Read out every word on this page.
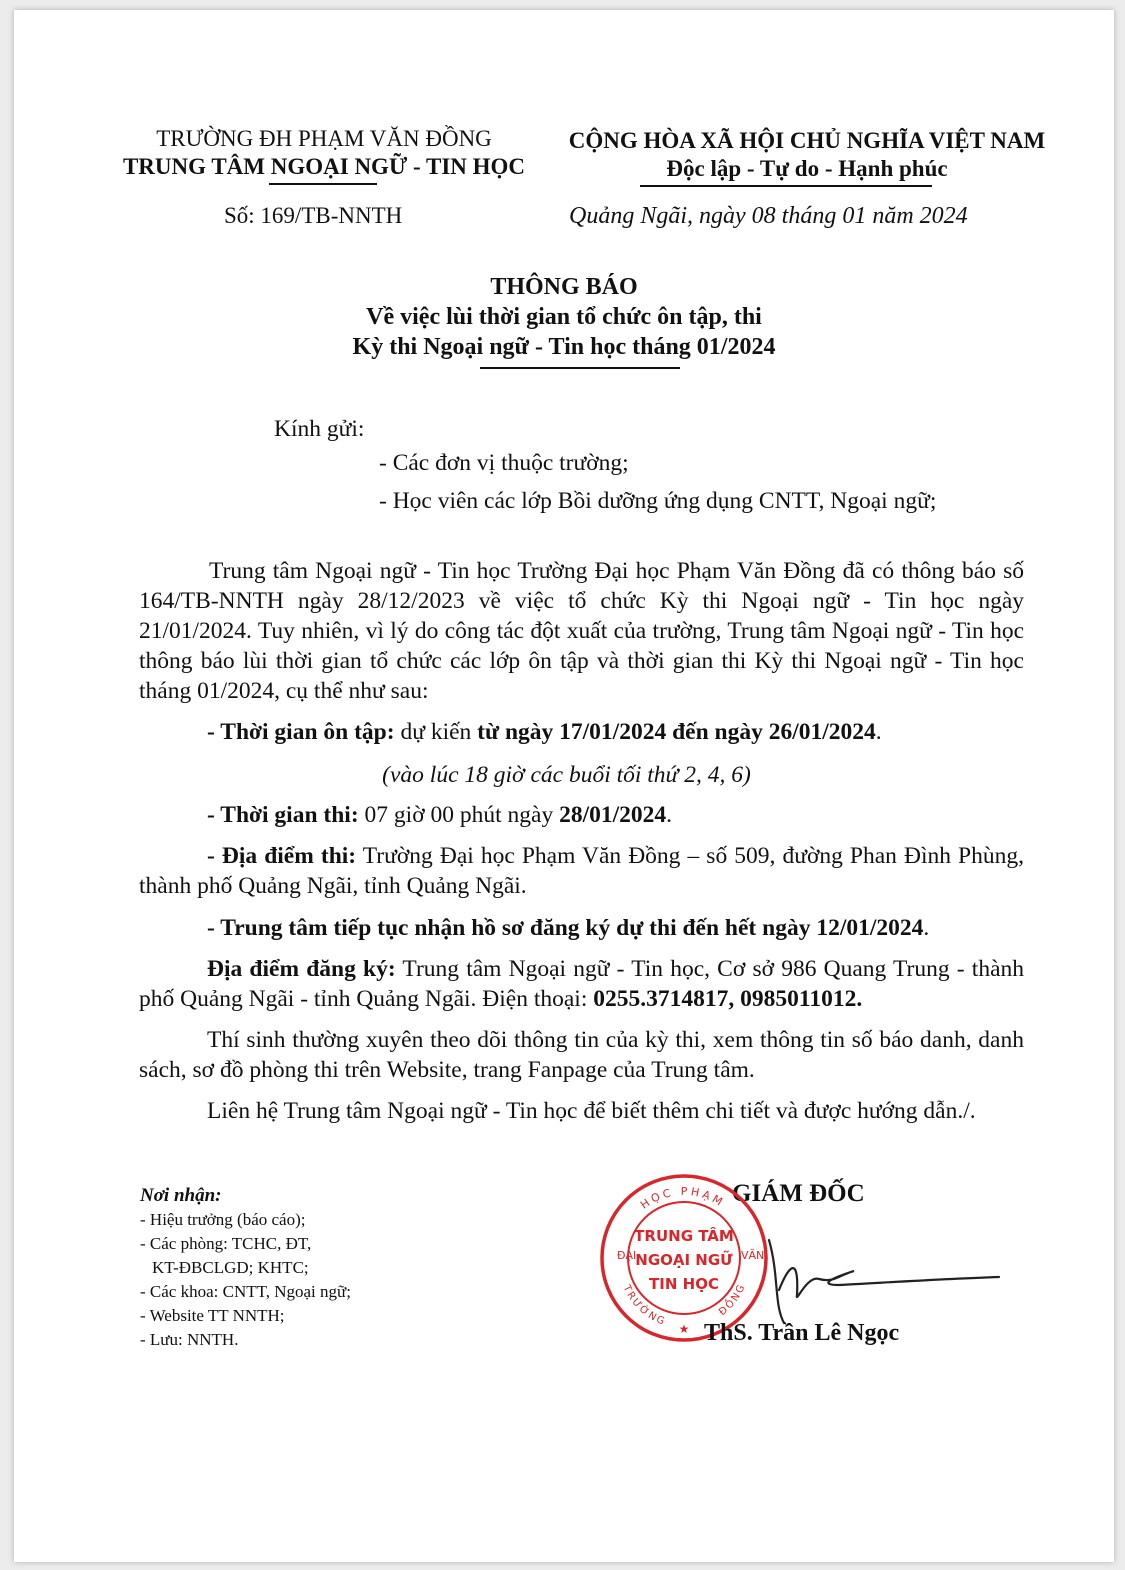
TRƯỜNG ĐH PHẠM VĂN ĐỒNG
TRUNG TÂM NGOẠI NGỮ - TIN HỌC
CỘNG HÒA XÃ HỘI CHỦ NGHĨA VIỆT NAM
Độc lập - Tự do - Hạnh phúc
Số: 169/TB-NNTH	Quảng Ngãi, ngày 08 tháng 01 năm 2024
THÔNG BÁO
Về việc lùi thời gian tổ chức ôn tập, thi
Kỳ thi Ngoại ngữ - Tin học tháng 01/2024
Kính gửi:
- Các đơn vị thuộc trường;
- Học viên các lớp Bồi dưỡng ứng dụng CNTT, Ngoại ngữ;
Trung tâm Ngoại ngữ - Tin học Trường Đại học Phạm Văn Đồng đã có thông báo số 164/TB-NNTH ngày 28/12/2023 về việc tổ chức Kỳ thi Ngoại ngữ - Tin học ngày 21/01/2024. Tuy nhiên, vì lý do công tác đột xuất của trường, Trung tâm Ngoại ngữ - Tin học thông báo lùi thời gian tổ chức các lớp ôn tập và thời gian thi Kỳ thi Ngoại ngữ - Tin học tháng 01/2024, cụ thể như sau:
- Thời gian ôn tập: dự kiến từ ngày 17/01/2024 đến ngày 26/01/2024.
(vào lúc 18 giờ các buổi tối thứ 2, 4, 6)
- Thời gian thi: 07 giờ 00 phút ngày 28/01/2024.
- Địa điểm thi: Trường Đại học Phạm Văn Đồng – số 509, đường Phan Đình Phùng, thành phố Quảng Ngãi, tỉnh Quảng Ngãi.
- Trung tâm tiếp tục nhận hồ sơ đăng ký dự thi đến hết ngày 12/01/2024.
Địa điểm đăng ký: Trung tâm Ngoại ngữ - Tin học, Cơ sở 986 Quang Trung - thành phố Quảng Ngãi - tỉnh Quảng Ngãi. Điện thoại: 0255.3714817, 0985011012.
Thí sinh thường xuyên theo dõi thông tin của kỳ thi, xem thông tin số báo danh, danh sách, sơ đồ phòng thi trên Website, trang Fanpage của Trung tâm.
Liên hệ Trung tâm Ngoại ngữ - Tin học để biết thêm chi tiết và được hướng dẫn./.
Nơi nhận:
- Hiệu trưởng (báo cáo);
- Các phòng: TCHC, ĐT,
KT-ĐBCLGD; KHTC;
- Các khoa: CNTT, Ngoại ngữ;
- Website TT NNTH;
- Lưu: NNTH.
GIÁM ĐỐC
HỌC PHẠM
ĐẠI	VĂN
TRƯỜNG
ĐỒNG
TRUNG TÂM
NGOẠI NGỮ
TIN HỌC
★ ThS. Trần Lê Ngọc
